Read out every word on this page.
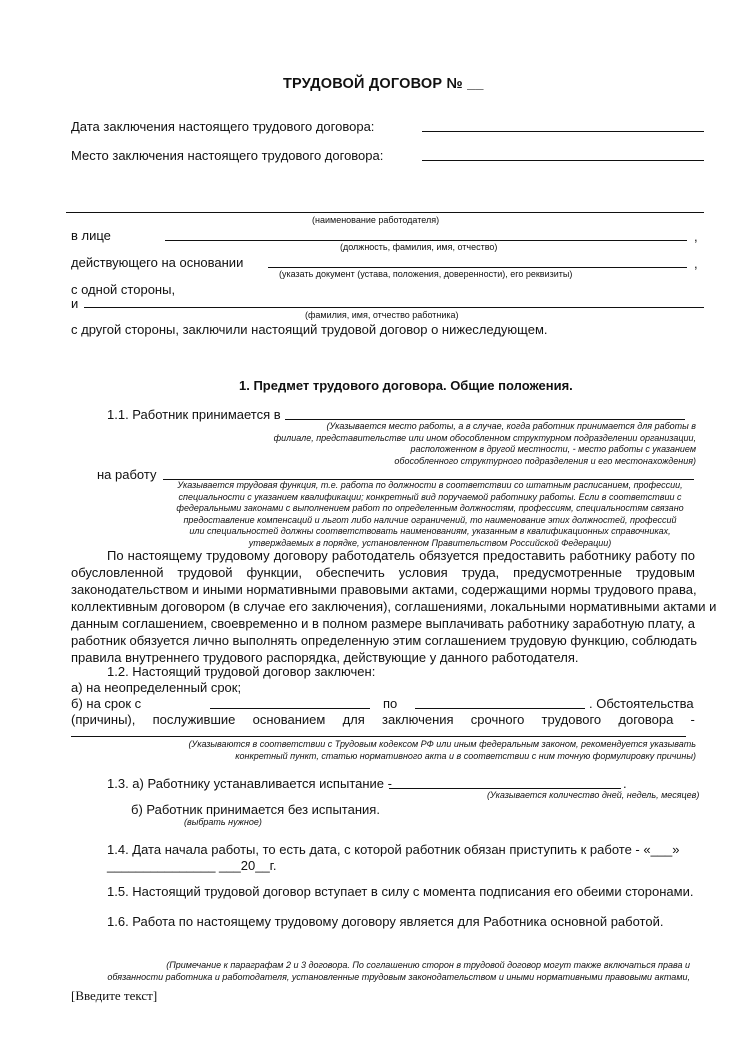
ТРУДОВОЙ ДОГОВОР № __
Дата заключения настоящего трудового договора:
Место заключения настоящего трудового договора:
(наименование работодателя)
в лице	,
(должность, фамилия, имя, отчество)
действующего на основании	,
(указать документ (устава, положения, доверенности), его реквизиты)
с одной стороны,
и
(фамилия, имя, отчество работника)
с другой стороны, заключили настоящий трудовой договор о нижеследующем.
1. Предмет трудового договора. Общие положения.
1.1. Работник принимается в
(Указывается место работы, а в случае, когда работник принимается для работы в
филиале, представительстве или ином обособленном структурном подразделении организации,
расположенном в другой местности, - место работы с указанием
обособленного структурного подразделения и его местонахождения)
на работу
Указывается трудовая функция, т.е. работа по должности в соответствии со штатным расписанием, профессии,
специальности с указанием квалификации; конкретный вид поручаемой работнику работы. Если в соответствии с
федеральными законами с выполнением работ по определенным должностям, профессиям, специальностям связано
предоставление компенсаций и льгот либо наличие ограничений, то наименование этих должностей, профессий
или специальностей должны соответствовать наименованиям, указанным в квалификационных справочниках,
утверждаемых в порядке, установленном Правительством Российской Федерации)
По настоящему трудовому договору работодатель обязуется предоставить работнику работу по
обусловленной трудовой функции, обеспечить условия труда, предусмотренные трудовым
законодательством и иными нормативными правовыми актами, содержащими нормы трудового права,
коллективным договором (в случае его заключения), соглашениями, локальными нормативными актами и
данным соглашением, своевременно и в полном размере выплачивать работнику заработную плату, а
работник обязуется лично выполнять определенную этим соглашением трудовую функцию, соблюдать
правила внутреннего трудового распорядка, действующие у данного работодателя.
1.2. Настоящий трудовой договор заключен:
а) на неопределенный срок;
б) на срок с	по	. Обстоятельства
(причины), послужившие основанием для заключения срочного трудового договора -
(Указываются в соответствии с Трудовым кодексом РФ или иным федеральным законом, рекомендуется указывать
конкретный пункт, статью нормативного акта и в соответствии с ним точную формулировку причины)
1.3. а) Работнику устанавливается испытание -	.
(Указывается количество дней, недель, месяцев)
б) Работник принимается без испытания.
(выбрать нужное)
1.4. Дата начала работы, то есть дата, с которой работник обязан приступить к работе - «___»
_______________ ___20__г.
1.5. Настоящий трудовой договор вступает в силу с момента подписания его обеими сторонами.
1.6. Работа по настоящему трудовому договору является для Работника основной работой.
(Примечание к параграфам 2 и 3 договора. По соглашению сторон в трудовой договор могут также включаться права и
обязанности работника и работодателя, установленные трудовым законодательством и иными нормативными правовыми актами,
[Введите текст]
